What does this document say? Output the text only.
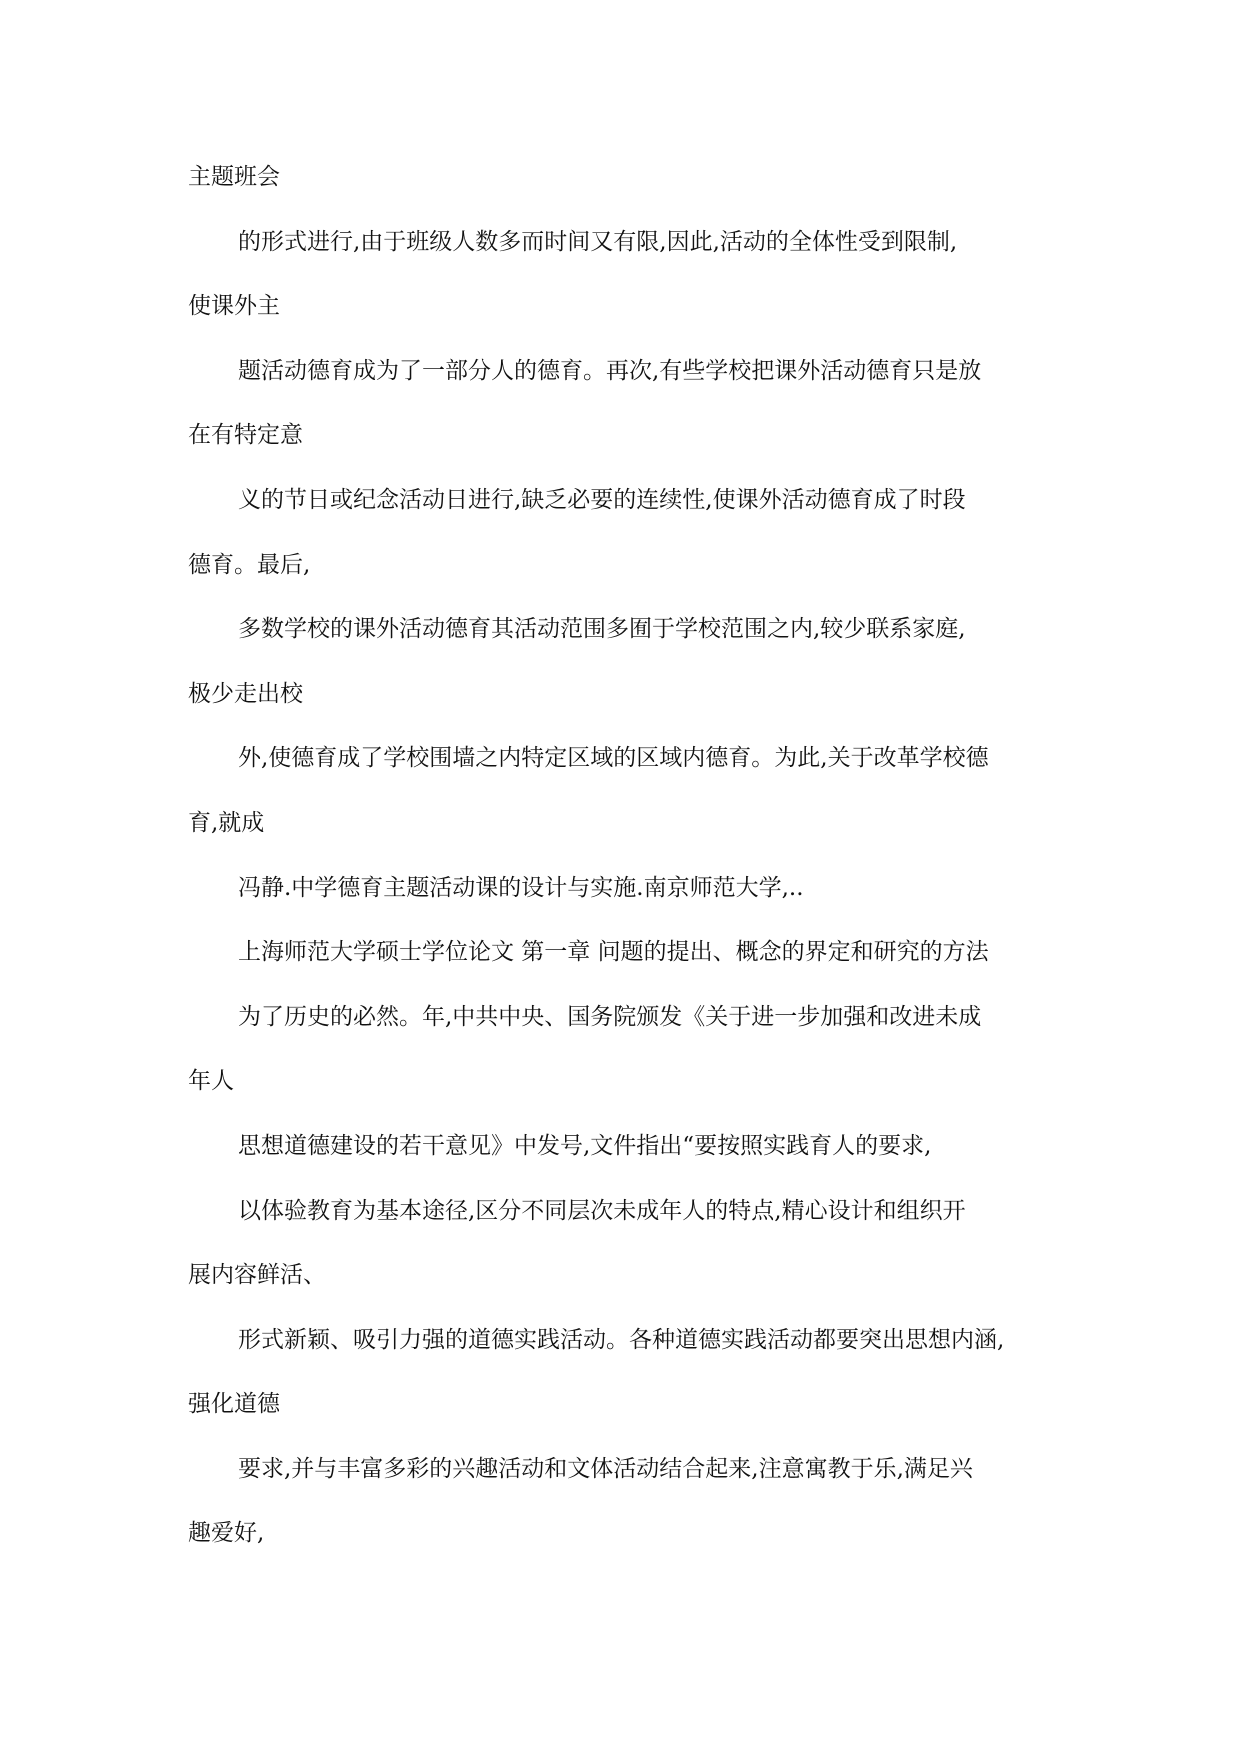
主题班会
的形式进行,由于班级人数多而时间又有限,因此,活动的全体性受到限制,
使课外主
题活动德育成为了一部分人的德育。再次,有些学校把课外活动德育只是放
在有特定意
义的节日或纪念活动日进行,缺乏必要的连续性,使课外活动德育成了时段
德育。最后,
多数学校的课外活动德育其活动范围多囿于学校范围之内,较少联系家庭,
极少走出校
外,使德育成了学校围墙之内特定区域的区域内德育。为此,关于改革学校德
育,就成
冯静.中学德育主题活动课的设计与实施.南京师范大学,..
上海师范大学硕士学位论文 第一章 问题的提出、概念的界定和研究的方法
为了历史的必然。年,中共中央、国务院颁发《关于进一步加强和改进未成
年人
思想道德建设的若干意见》中发号,文件指出“要按照实践育人的要求,
以体验教育为基本途径,区分不同层次未成年人的特点,精心设计和组织开
展内容鲜活、
形式新颖、吸引力强的道德实践活动。各种道德实践活动都要突出思想内涵,
强化道德
要求,并与丰富多彩的兴趣活动和文体活动结合起来,注意寓教于乐,满足兴
趣爱好,
